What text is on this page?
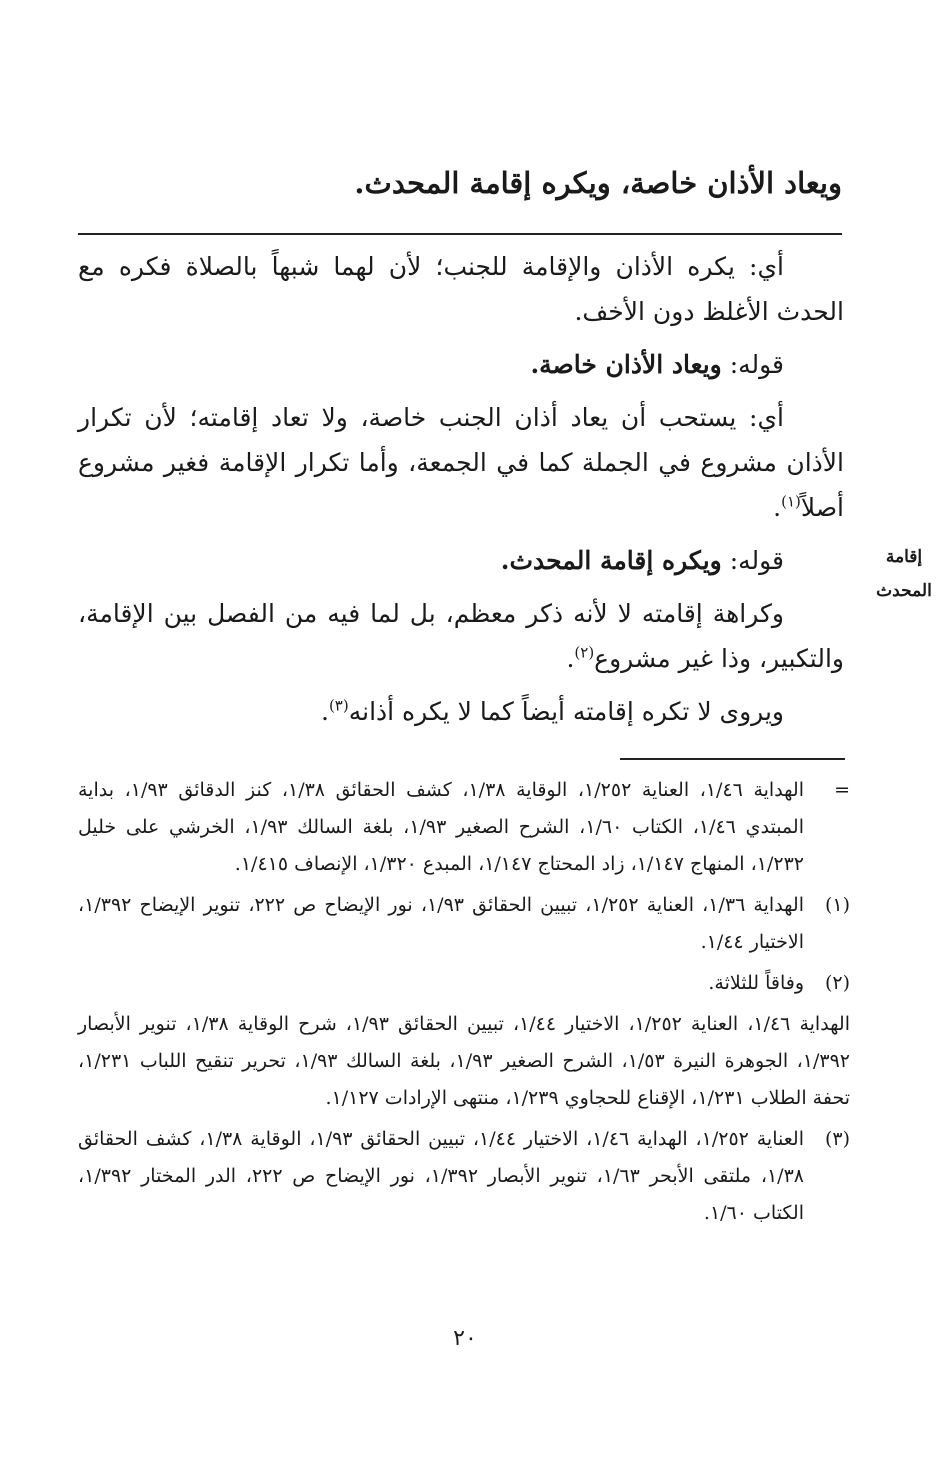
ويعاد الأذان خاصة، ويكره إقامة المحدث.

أي: يكره الأذان والإقامة للجنب؛ لأن لهما شبهاً بالصلاة فكره مع الحدث الأغلظ دون الأخف.

قوله: ويعاد الأذان خاصة.

أي: يستحب أن يعاد أذان الجنب خاصة، ولا تعاد إقامته؛ لأن تكرار الأذان مشروع في الجملة كما في الجمعة، وأما تكرار الإقامة فغير مشروع أصلاً$^{(١)}$.

قوله: ويكره إقامة المحدث.

وكراهة إقامته لا لأنه ذكر معظم، بل لما فيه من الفصل بين الإقامة، والتكبير، وذا غير مشروع$^{(٢)}$.

ويروى لا تكره إقامته أيضاً كما لا يكره أذانه$^{(٣)}$.

إقامة
المحدث
=
الهداية ١/٤٦، العناية ١/٢٥٢، الوقاية ١/٣٨، كشف الحقائق ١/٣٨، كنز الدقائق ١/٩٣، بداية المبتدي ١/٤٦، الكتاب ١/٦٠، الشرح الصغير ١/٩٣، بلغة السالك ١/٩٣، الخرشي على خليل ١/٢٣٢، المنهاج ١/١٤٧، زاد المحتاج ١/١٤٧، المبدع ١/٣٢٠، الإنصاف ١/٤١٥.
(١)
الهداية ١/٣٦، العناية ١/٢٥٢، تبيين الحقائق ١/٩٣، نور الإيضاح ص ٢٢٢، تنوير الإيضاح ١/٣٩٢، الاختيار ١/٤٤.
(٢)
وفاقاً للثلاثة.
الهداية ١/٤٦، العناية ١/٢٥٢، الاختيار ١/٤٤، تبيين الحقائق ١/٩٣، شرح الوقاية ١/٣٨، تنوير الأبصار ١/٣٩٢، الجوهرة النيرة ١/٥٣، الشرح الصغير ١/٩٣، بلغة السالك ١/٩٣، تحرير تنقيح اللباب ١/٢٣١، تحفة الطلاب ١/٢٣١، الإقناع للحجاوي ١/٢٣٩، منتهى الإرادات ١/١٢٧.
(٣)
العناية ١/٢٥٢، الهداية ١/٤٦، الاختيار ١/٤٤، تبيين الحقائق ١/٩٣، الوقاية ١/٣٨، كشف الحقائق ١/٣٨، ملتقى الأبحر ١/٦٣، تنوير الأبصار ١/٣٩٢، نور الإيضاح ص ٢٢٢، الدر المختار ١/٣٩٢، الكتاب ١/٦٠.
٢٠
